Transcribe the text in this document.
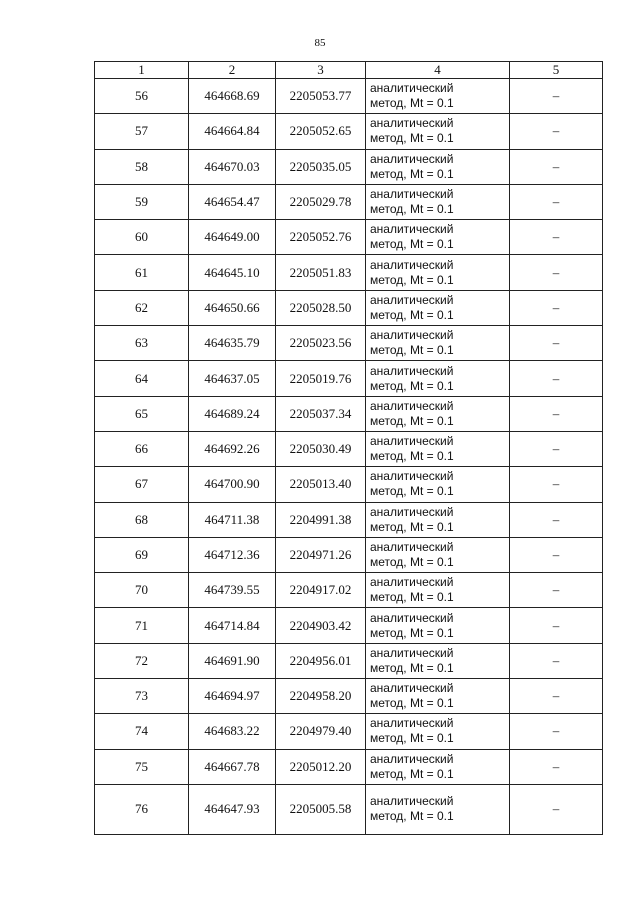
85
1	2	3	4	5
56	464668.69	2205053.77	аналитический
метод, Mt = 0.1	–
57	464664.84	2205052.65	аналитический
метод, Mt = 0.1	–
58	464670.03	2205035.05	аналитический
метод, Mt = 0.1	–
59	464654.47	2205029.78	аналитический
метод, Mt = 0.1	–
60	464649.00	2205052.76	аналитический
метод, Mt = 0.1	–
61	464645.10	2205051.83	аналитический
метод, Mt = 0.1	–
62	464650.66	2205028.50	аналитический
метод, Mt = 0.1	–
63	464635.79	2205023.56	аналитический
метод, Mt = 0.1	–
64	464637.05	2205019.76	аналитический
метод, Mt = 0.1	–
65	464689.24	2205037.34	аналитический
метод, Mt = 0.1	–
66	464692.26	2205030.49	аналитический
метод, Mt = 0.1	–
67	464700.90	2205013.40	аналитический
метод, Mt = 0.1	–
68	464711.38	2204991.38	аналитический
метод, Mt = 0.1	–
69	464712.36	2204971.26	аналитический
метод, Mt = 0.1	–
70	464739.55	2204917.02	аналитический
метод, Mt = 0.1	–
71	464714.84	2204903.42	аналитический
метод, Mt = 0.1	–
72	464691.90	2204956.01	аналитический
метод, Mt = 0.1	–
73	464694.97	2204958.20	аналитический
метод, Mt = 0.1	–
74	464683.22	2204979.40	аналитический
метод, Mt = 0.1	–
75	464667.78	2205012.20	аналитический
метод, Mt = 0.1	–
76	464647.93	2205005.58	аналитический
метод, Mt = 0.1	–
